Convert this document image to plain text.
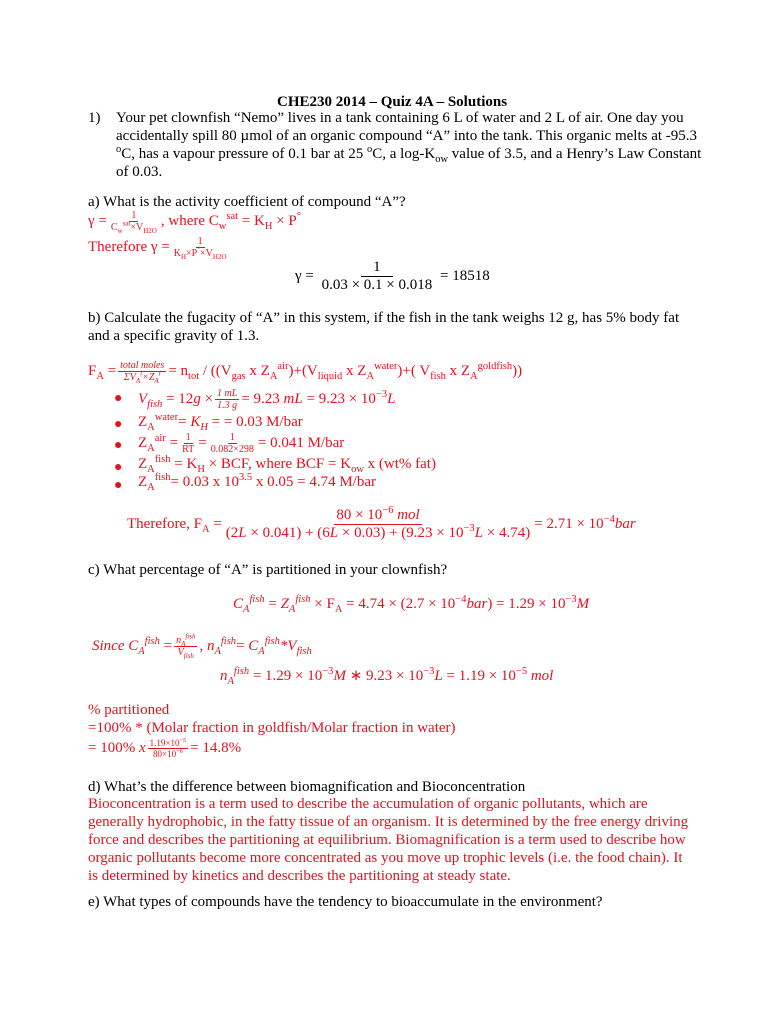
CHE230 2014 – Quiz 4A – Solutions
1) Your pet clownfish “Nemo” lives in a tank containing 6 L of water and 2 L of air. One day you
accidentally spill 80 µmol of an organic compound “A” into the tank. This organic melts at -95.3
$^o$C, has a vapour pressure of 0.1 bar at 25 $^o$C, a $\log-K_{ow}$ value of 3.5, and a Henry’s Law Constant
of 0.03.
a) What is the activity coefficient of compound “A”?
$\gamma = \frac{1}{C_w^{sat}\times V_{H2O}}$ , where $C_w^{sat} = K_H \times P^\circ$
Therefore $\gamma = \frac{1}{K_H\times P^\circ\times V_{H2O}}$
$\gamma = \frac{1}{0.03 \times 0.1 \times 0.018} = 18518$
b) Calculate the fugacity of “A” in this system, if the fish in the tank weighs 12 g, has 5% body fat
and a specific gravity of 1.3.
$F_A = \frac{\text{total moles}}{\Sigma V_A^i\times Z_A^i} = n_{tot} / ((V_{gas}$ x $Z_A^{air})+(V_{liquid}$ x $Z_A^{water})+$( $V_{fish}$ x $Z_A^{goldfish}$))
● $V_{fish} = 12g \times \frac{1 mL}{1.3 g} = 9.23$ mL = $9.23 \times 10^{-3}L$
● $Z_A^{water}= K_H$ = = 0.03 M/bar
● $Z_A^{air} = \frac{1}{RT} = \frac{1}{0.082\times 298} = 0.041$ M/bar
● $Z_A^{fish} = K_H$ × BCF, where BCF = $K_{ow}$ x (wt% fat)
● $Z_A^{fish}= 0.03$ x $10^{3.5}$ x 0.05 = 4.74 M/bar
Therefore, $F_A = \frac{80 \times 10^{-6} mol}{(2L \times 0.041) + (6L \times 0.03) + (9.23 \times 10^{-3}L \times 4.74)} = 2.71 \times 10^{-4}bar$
c) What percentage of “A” is partitioned in your clownfish?
$C_A^{fish} = Z_A^{fish} \times F_A = 4.74 \times (2.7 \times 10^{-4}bar) = 1.29 \times 10^{-3}M$
Since $C_A^{fish} = \frac{n_A^{fish}}{V_{fish}}$ , $n_A^{fish}= C_A^{fish}*V_{fish}$
$n_A^{fish} = 1.29 \times 10^{-3}M$ ∗ $9.23 \times 10^{-3}L = 1.19 \times 10^{-5}$ mol
% partitioned
=100% * (Molar fraction in goldfish/Molar fraction in water)
= 100% x $\frac{1.19\times 10^{-5}}{80\times 10^{-6}} = 14.8\%$
d) What’s the difference between biomagnification and Bioconcentration
Bioconcentration is a term used to describe the accumulation of organic pollutants, which are
generally hydrophobic, in the fatty tissue of an organism. It is determined by the free energy driving
force and describes the partitioning at equilibrium. Biomagnification is a term used to describe how
organic pollutants become more concentrated as you move up trophic levels (i.e. the food chain). It
is determined by kinetics and describes the partitioning at steady state.
e) What types of compounds have the tendency to bioaccumulate in the environment?
